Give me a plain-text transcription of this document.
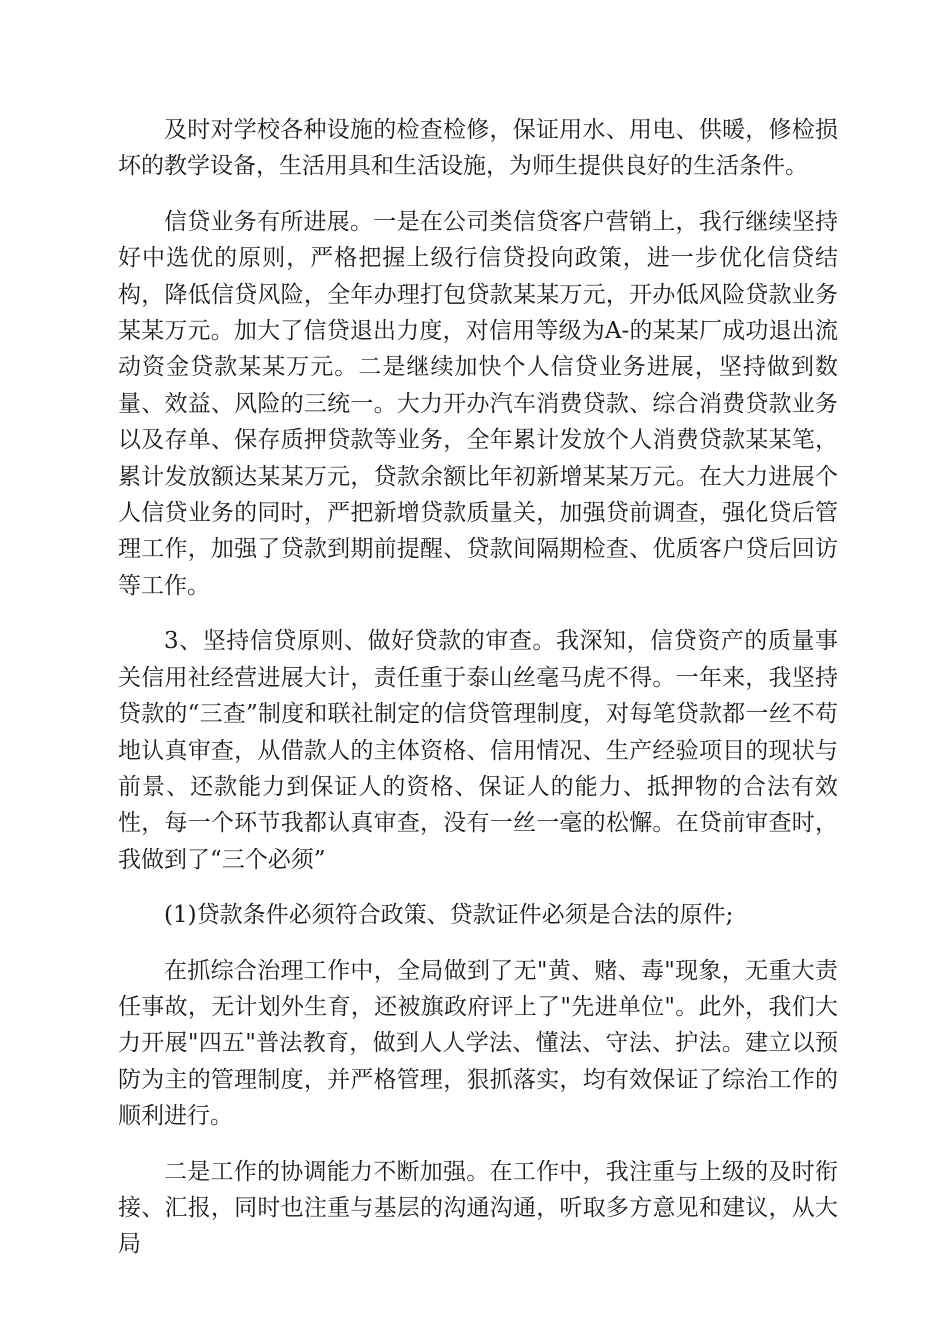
及时对学校各种设施的检查检修，保证用水、用电、供暖，修检损坏的教学设备，生活用具和生活设施，为师生提供良好的生活条件。

信贷业务有所进展。一是在公司类信贷客户营销上，我行继续坚持好中选优的原则，严格把握上级行信贷投向政策，进一步优化信贷结构，降低信贷风险，全年办理打包贷款某某万元，开办低风险贷款业务某某万元。加大了信贷退出力度，对信用等级为A-的某某厂成功退出流动资金贷款某某万元。二是继续加快个人信贷业务进展，坚持做到数量、效益、风险的三统一。大力开办汽车消费贷款、综合消费贷款业务以及存单、保存质押贷款等业务，全年累计发放个人消费贷款某某笔，累计发放额达某某万元，贷款余额比年初新增某某万元。在大力进展个人信贷业务的同时，严把新增贷款质量关，加强贷前调查，强化贷后管理工作，加强了贷款到期前提醒、贷款间隔期检查、优质客户贷后回访等工作。

3、坚持信贷原则、做好贷款的审查。我深知，信贷资产的质量事关信用社经营进展大计，责任重于泰山丝毫马虎不得。一年来，我坚持贷款的“三查”制度和联社制定的信贷管理制度，对每笔贷款都一丝不苟地认真审查，从借款人的主体资格、信用情况、生产经验项目的现状与前景、还款能力到保证人的资格、保证人的能力、抵押物的合法有效性，每一个环节我都认真审查，没有一丝一毫的松懈。在贷前审查时，我做到了“三个必须”

(1)贷款条件必须符合政策、贷款证件必须是合法的原件;

在抓综合治理工作中，全局做到了无"黄、赌、毒"现象，无重大责任事故，无计划外生育，还被旗政府评上了"先进单位"。此外，我们大力开展"四五"普法教育，做到人人学法、懂法、守法、护法。建立以预防为主的管理制度，并严格管理，狠抓落实，均有效保证了综治工作的顺利进行。

二是工作的协调能力不断加强。在工作中，我注重与上级的及时衔接、汇报，同时也注重与基层的沟通沟通，听取多方意见和建议，从大局
